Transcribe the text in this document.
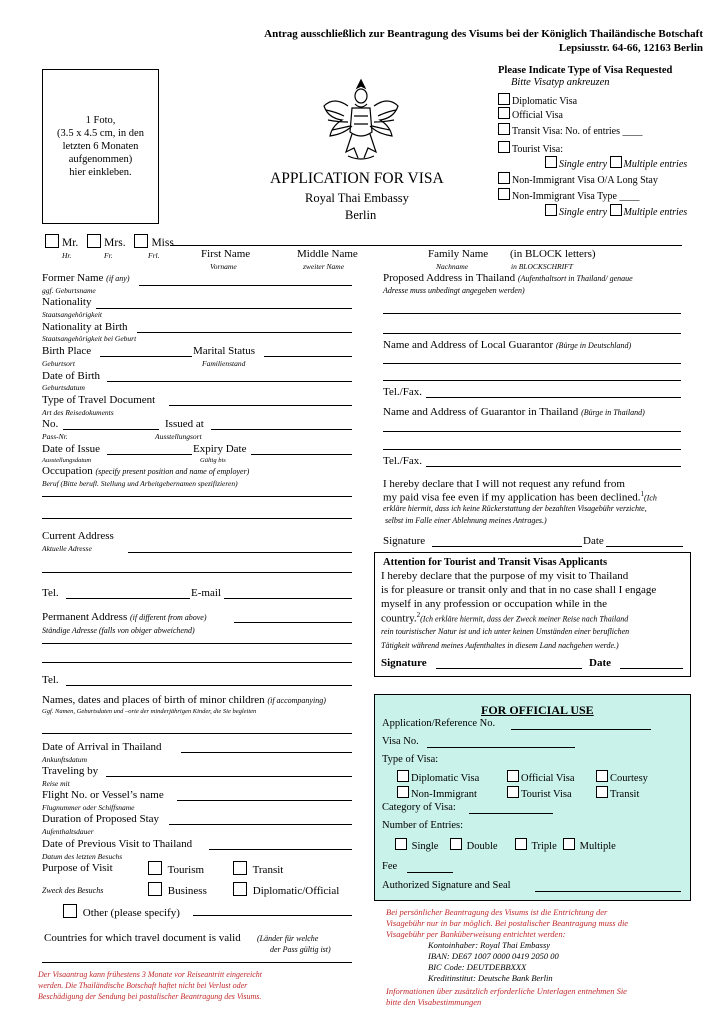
Antrag ausschließlich zur Beantragung des Visums bei der Königlich Thailändische Botschaft
Lepsiusstr. 64-66, 12163 Berlin
1 Foto,
(3.5 x 4.5 cm, in den
letzten 6 Monaten
aufgenommen)
hier einkleben.	APPLICATION FOR VISA
Royal Thai Embassy
Berlin
Please Indicate Type of Visa Requested
Bitte Visatyp ankreuzen
Diplomatic Visa
Official Visa
Transit Visa: No. of entries ____
Tourist Visa:
Single entry Multiple entries
Non-Immigrant Visa O/A Long Stay
Non-Immigrant Visa Type ____
Single entry Multiple entries
Mr. Mrs. Miss
Hr.	Fr.	Frl.	First Name
Vorname
Middle Name
zweiter Name
Family Name
Nachname
(in BLOCK letters)
in BLOCKSCHRIFT
Former Name (if any)
ggf. Geburtsname
Nationality
Staatsangehörigkeit
Nationality at Birth
Staatsangehörigkeit bei Geburt
Birth Place	Marital Status
Geburtsort	Familienstand
Date of Birth
Geburtsdatum
Type of Travel Document
Art des Reisedokuments
No.	Issued at
Pass-Nr.	Ausstellungsort
Date of Issue	Expiry Date
Ausstellungsdatum	Gültig bis
Occupation (specify present position and name of employer)
Beruf (Bitte berufl. Stellung und Arbeitgebernamen spezifizieren)
Current Address
Aktuelle Adresse
Tel.	E-mail
Permanent Address (if different from above)
Ständige Adresse (falls von obiger abweichend)
Tel.
Names, dates and places of birth of minor children (if accompanying)
Ggf. Namen, Geburtsdaten und –orte der minderjährigen Kinder, die Sie begleiten
Date of Arrival in Thailand
Ankunftsdatum
Traveling by
Reise mit
Flight No. or Vessel’s name
Flugnummer oder Schiffsname
Duration of Proposed Stay
Aufenthaltsdauer
Date of Previous Visit to Thailand
Datum des letzten Besuchs
Purpose of Visit	Tourism	Transit
Zweck des Besuchs	Business	Diplomatic/Official
Other (please specify)
Countries for which travel document is valid (Länder für welche
der Pass gültig ist)
Der Visaantrag kann frühestens 3 Monate vor Reiseantritt eingereicht
werden. Die Thailändische Botschaft haftet nicht bei Verlust oder
Beschädigung der Sendung bei postalischer Beantragung des Visums.
Proposed Address in Thailand (Aufenthaltsort in Thailand/ genaue
Adresse muss unbedingt angegeben werden)
Name and Address of Local Guarantor (Bürge in Deutschland)
Tel./Fax.
Name and Address of Guarantor in Thailand (Bürge in Thailand)
Tel./Fax.
I hereby declare that I will not request any refund from
my paid visa fee even if my application has been declined.$^1$(Ich
erkläre hiermit, dass ich keine Rückerstattung der bezahlten Visagebühr verzichte,
selbst im Falle einer Ablehnung meines Antrages.)
Signature	Date
Attention for Tourist and Transit Visas Applicants
I hereby declare that the purpose of my visit to Thailand
is for pleasure or transit only and that in no case shall I engage
myself in any profession or occupation while in the
country.$^2$(Ich erkläre hiermit, dass der Zweck meiner Reise nach Thailand
rein touristischer Natur ist und ich unter keinen Umständen einer beruflichen
Tätigkeit während meines Aufenthaltes in diesem Land nachgehen werde.)
Signature	Date
FOR OFFICIAL USE
Application/Reference No.
Visa No.
Type of Visa:
Diplomatic Visa	Official Visa	Courtesy
Non-Immigrant	Tourist Visa	Transit
Category of Visa:
Number of Entries:
Single	Double	Triple	Multiple
Fee
Authorized Signature and Seal
Bei persönlicher Beantragung des Visums ist die Entrichtung der
Visagebühr nur in bar möglich. Bei postalischer Beantragung muss die
Visagebühr per Banküberweisung entrichtet werden:
Kontoinhaber: Royal Thai Embassy
IBAN: DE67 1007 0000 0419 2050 00
BIC Code: DEUTDEBBXXX
Kreditinstitut: Deutsche Bank Berlin
Informationen über zusätzlich erforderliche Unterlagen entnehmen Sie
bitte den Visabestimmungen
